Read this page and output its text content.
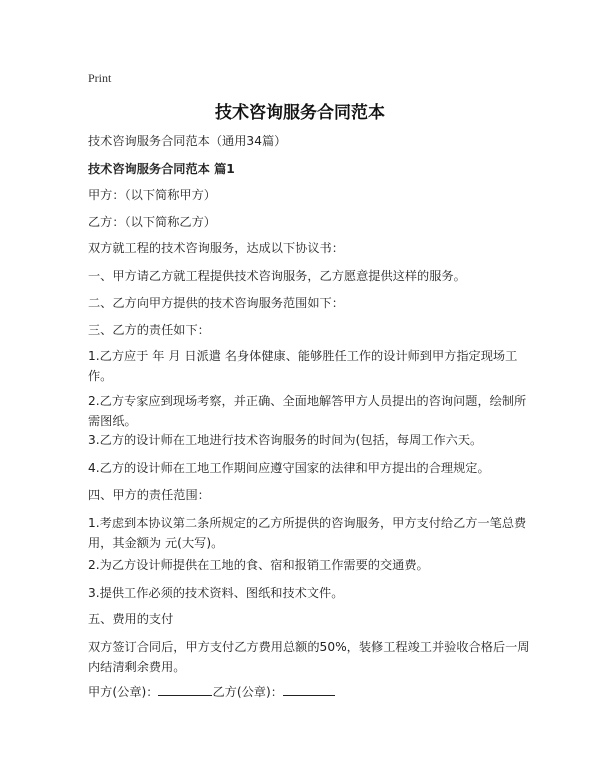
Print
技术咨询服务合同范本
技术咨询服务合同范本（通用34篇）
技术咨询服务合同范本 篇1
甲方：（以下简称甲方）
乙方：（以下简称乙方）
双方就工程的技术咨询服务，达成以下协议书：
一、甲方请乙方就工程提供技术咨询服务，乙方愿意提供这样的服务。
二、乙方向甲方提供的技术咨询服务范围如下：
三、乙方的责任如下：
1.乙方应于 年 月 日派遣 名身体健康、能够胜任工作的设计师到甲方指定现场工作。
2.乙方专家应到现场考察，并正确、全面地解答甲方人员提出的咨询问题，绘制所需图纸。
3.乙方的设计师在工地进行技术咨询服务的时间为(包括，每周工作六天。
4.乙方的设计师在工地工作期间应遵守国家的法律和甲方提出的合理规定。
四、甲方的责任范围：
1.考虑到本协议第二条所规定的乙方所提供的咨询服务，甲方支付给乙方一笔总费用，其金额为 元(大写)。
2.为乙方设计师提供在工地的食、宿和报销工作需要的交通费。
3.提供工作必须的技术资料、图纸和技术文件。
五、费用的支付
双方签订合同后，甲方支付乙方费用总额的50%，装修工程竣工并验收合格后一周内结清剩余费用。
甲方(公章)：	乙方(公章)：
